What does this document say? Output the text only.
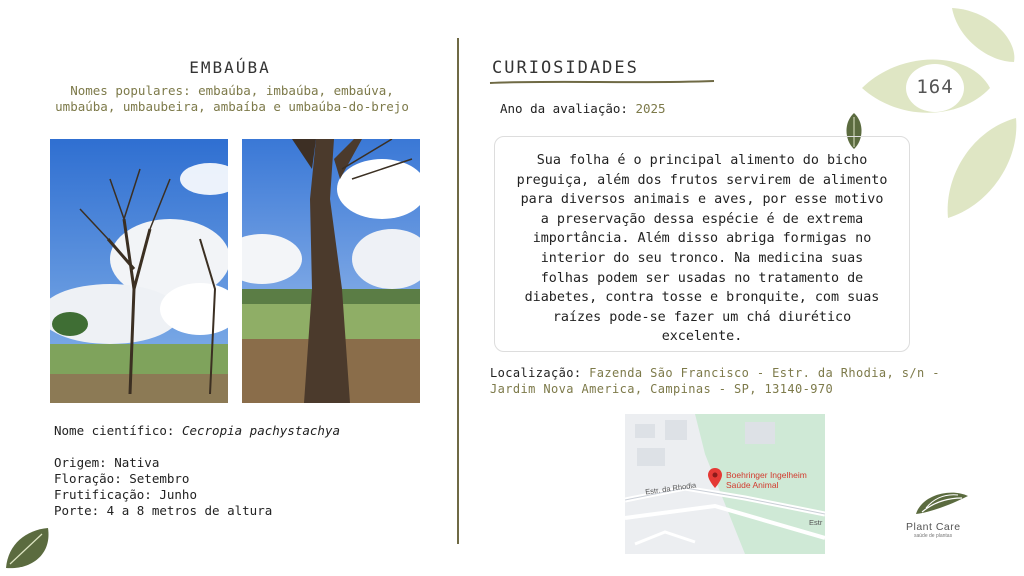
164
EMBAÚBA
Nomes populares: embaúba, imbaúba, embaúva, umbaúba, umbaubeira, ambaíba e umbaúba-do-brejo
Nome científico: Cecropia pachystachya
Origem: Nativa
Floração: Setembro
Frutificação: Junho
Porte: 4 a 8 metros de altura
CURIOSIDADES
Ano da avaliação: 2025
Sua folha é o principal alimento do bicho preguiça, além dos frutos servirem de alimento para diversos animais e aves, por esse motivo a preservação dessa espécie é de extrema importância. Além disso abriga formigas no interior do seu tronco. Na medicina suas folhas podem ser usadas no tratamento de diabetes, contra tosse e bronquite, com suas raízes pode-se fazer um chá diurético excelente.
Localização: Fazenda São Francisco - Estr. da Rhodia, s/n - Jardim Nova America, Campinas - SP, 13140-970
Boehringer Ingelheim
Saúde Animal
Estr. da Rhodia
Estr	Plant Care
saúde de plantas
